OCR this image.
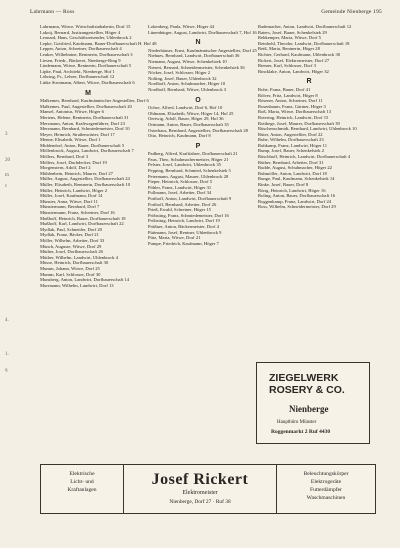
Lahrmann — Ross	Gemeinde Nienberge 195
3
20
m
c
4.
1.
q
Lahrmann, Witwe, Wirtschaftsinhaberin, Dorf 15
Lakotj, Bernard, Justizangestellter, Höger 4
Leonard, Hans, Geschäftsreisender, Uhlenbrock 2
Lepke, Gottfried, Kaufmann, Bauer-Dorfbauerschaft H. Hof 48
Lepper, Anton, Schreiner, Dorfbauerschaft 4
Leuker, Wilhelmine, Rentnerin, Dorfbauerschaft 3
Liesen, Friedr., Bäckerei, Nienberge-Ring 9
Lindemann, Witwe, Rentnerin, Dorfbauerschaft 5
Lipke, Paul, Architekt, Nienberge, Hof 1
Löhring, Fr., Lehrer, Dorfbauerschaft 12
Lütke Strotmann, Albert, Witwe, Dorfbauerschaft 6
M
Malkemes, Bernhard, Kaufmännischer Angestellter, Dorf 6
Malkemes, Paul, Angestellter, Dorfbauerschaft 20
Mansel, Antonius, Witwe, Höger 6
Mertens, Helene, Rentnerin, Dorfbauerschaft 31
Mersmann, Anton, Kraftwagenführer, Dorf 23
Mersmann, Bernhard, Schmiedemeister, Dorf 10
Meyer, Heinrich, Straßenwärter, Dorf 17
Menne, Elisabeth, Witwe, Dorf 1
Middendorf, Anton, Bauer, Dorfbauerschaft 5
Möllenbrock, August, Landwirt, Dorfbauerschaft 7
Möllers, Bernhard, Dorf 3
Möllers, Josef, Dachdecker, Dorf 19
Morgenstern, Adolf, Dorf 2
Mühlenbein, Heinrich, Maurer, Dorf 27
Müller, August, Angestellter, Dorfbauerschaft 24
Müller, Elisabeth, Rentnerin, Dorfbauerschaft 10
Müller, Heinrich, Landwirt, Höger 2
Müller, Josef, Kaufmann, Dorf 14
Münster, Anna, Witwe, Dorf 11
Münstermann, Bernhard, Dorf 7
Münstermann, Franz, Schreiner, Dorf 16
Mußhoff, Heinrich, Bauer, Dorfbauerschaft 18
Mußhoff, Karl, Landwirt, Dorfbauerschaft 22
Mydlak, Paul, Schneider, Dorf 20
Mydlak, Franz, Bäcker, Dorf 21
Möller, Wilhelm, Arbeiter, Dorf 33
Münch, Auguste, Witwe, Dorf 29
Müther, Josef, Dorfbauerschaft 26
Müther, Wilhelm, Landwirt, Uhlenbrock 4
Müsse, Heinrich, Dorfbauerschaft 30
Mumm, Johann, Witwe, Dorf 25
Mumm, Karl, Schlosser, Dorf 30
Munsberg, Anton, Landwirt, Dorfbauerschaft 14
Murrmann, Wilhelm, Landwirt, Dorf 13
Lokenberg, Paula, Witwe, Höger 44
Lünenbürger, August, Landwirt, Dorfbauerschaft 7, Hof 16
N
Niederhäuser, Ernst, Kaufmännischer Angestellter, Dorf 25
Niehues, Bernhard, Landwirt, Dorfbauerschaft 36
Niemann, August, Witwe, Schenkelsiek 10
Niesert, Bernard, Schneidermeister, Schenkelsiek 36
Nöcker, Josef, Schlosser, Höger 2
Nolting, Josef, Bauer, Uhlenbrock 32
Nordhoff, Anton, Schuhmacher, Höger 10
Nordhoff, Bernhard, Witwe, Uhlenbrock 3
O
Ochse, Alfred, Landwirt, Dorf 6, Hof 10
Ohlmann, Elisabeth, Witwe, Höger 14, Hof 25
Oertwig, Adolf, Bauer, Höger 29, Hof 36
Ortmann, Anton, Bauer, Dorfbauerschaft 35
Osterhaus, Bernhard, Angestellter, Dorfbauerschaft 28
Otto, Heinrich, Kaufmann, Dorf 8
P
Padberg, Alfred, Kraftfahrer, Dorfbauerschaft 21
Paus, Theo, Schuhmachermeister, Höger 21
Pelster, Josef, Landwirt, Uhlenbrock 35
Pepping, Bernhard, Schmied, Schenkelsiek 5
Petermann, August, Maurer, Uhlenbrock 28
Pieper, Heinrich, Schlosser, Dorf 5
Pöhler, Franz, Landwirt, Höger 31
Pollmann, Josef, Arbeiter, Dorf 34
Potthoff, Anton, Landwirt, Dorfbauerschaft 9
Potthoff, Bernhard, Arbeiter, Dorf 26
Prieß, Ewald, Schreiner, Höger 15
Pröbsting, Franz, Schmiedemeister, Dorf 16
Pröbsting, Heinrich, Landwirt, Dorf 19
Prüßner, Anton, Bäckermeister, Dorf 4
Püttmann, Josef, Rentner, Uhlenbrock 9
Pütz, Maria, Witwe, Dorf 21
Pumpe, Friedrich, Kaufmann, Höger 7
Rademacher, Anton, Landwirt, Dorfbauerschaft 12
Raters, Josef, Bauer, Schenkelsiek 29
Rehkemper, Maria, Witwe, Dorf 5
Reinhold, Theodor, Landwirt, Dorfbauerschaft 18
Reiß, Maria, Rentnerin, Höger 28
Richter, Gerhard, Kaufmann, Uhlenbrock 30
Rickert, Josef, Elektromeister, Dorf 27
Riemer, Karl, Schlosser, Dorf 3
Rincklake, Anton, Landwirt, Höger 32
R
Rohe, Franz, Bauer, Dorf 41
Rölver, Fritz, Landwirt, Höger 8
Rösener, Anton, Schreiner, Dorf 11
Rosenbaum, Franz, Gärtner, Höger 3
Roß, Maria, Witwe, Dorfbauerschaft 13
Rotering, Heinrich, Landwirt, Dorf 15
Rotthege, Josef, Maurer, Dorfbauerschaft 39
Rüschenschmidt, Bernhard, Landwirt, Uhlenbrock 10
Rüter, Anton, Angestellter, Dorf 22
Ruhe, Wilhelm, Dorfbauerschaft 23
Ruhkamp, Franz, Landwirt, Höger 11
Rump, Josef, Bauer, Schenkelsiek 2
Rüschhoff, Heinrich, Landwirt, Dorfbauerschaft 4
Rüther, Bernhard, Arbeiter, Dorf 31
Rudde, August, Schuhmacher, Höger 22
Ruhmöller, Anton, Landwirt, Dorf 18
Runge, Paul, Kaufmann, Schenkelsiek 14
Rinke, Josef, Bauer, Dorf 8
Rörig, Heinrich, Landwirt, Höger 16
Roling, Anton, Bauer, Dorfbauerschaft 16
Roggenkamp, Franz, Landwirt, Dorf 24
Ross, Wilhelm, Schneidermeister, Dorf 29
ZIEGELWERK
ROSERY & CO.
Nienberge
Hauptbüro Münster
Roggenmarkt 2 Ruf 4430
Elektrische
Licht- und
Kraftanlagen
Josef Rickert
Elektromeister
Nienberge, Dorf 27 · Ruf 38
Beleuchtungskörper
Elektrogeräte
Futterdämpfer
Waschmaschinen
